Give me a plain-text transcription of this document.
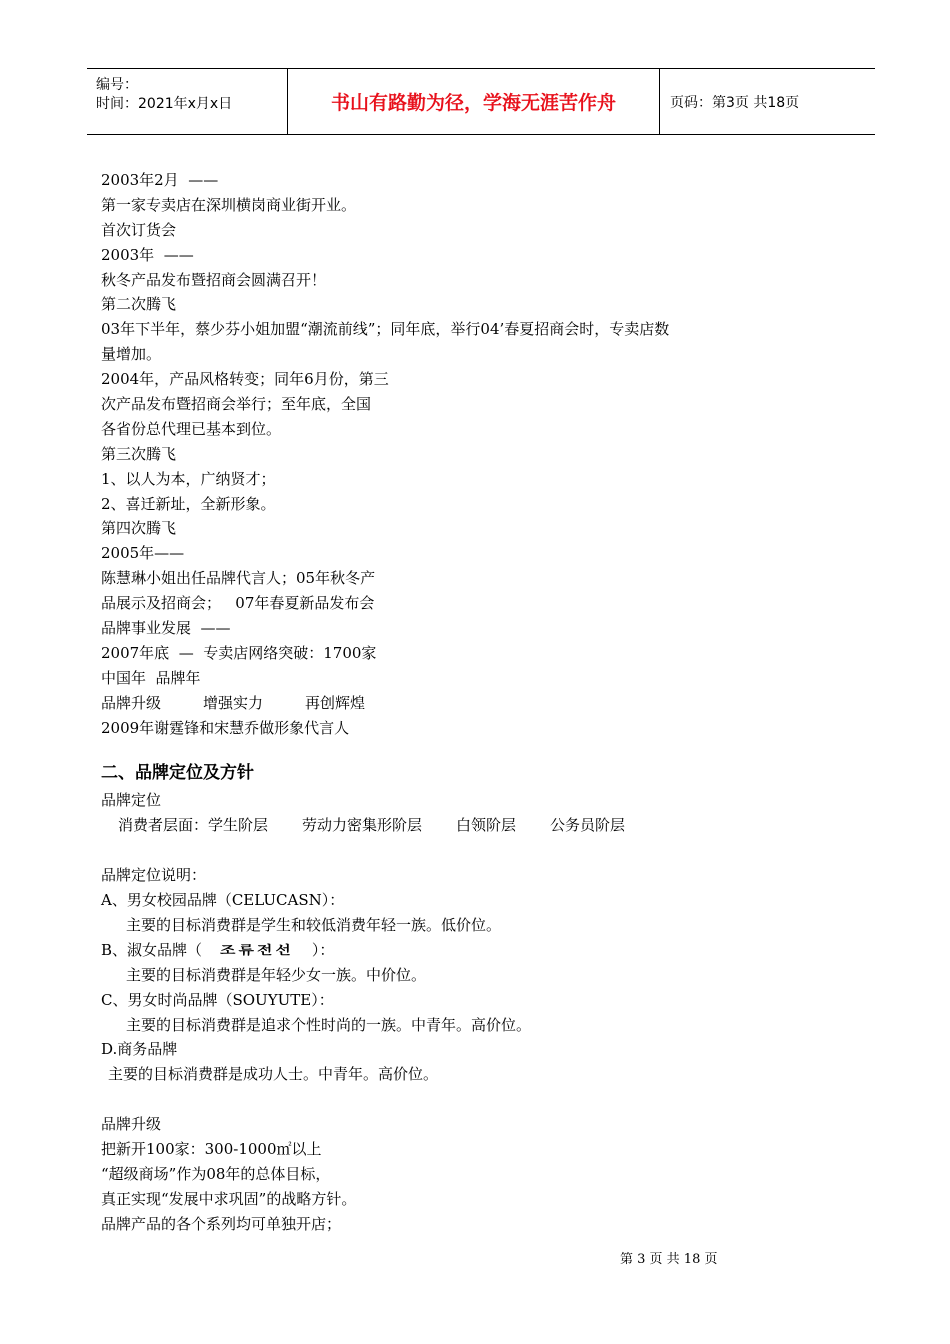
编号：
时间：2021年x月x日	书山有路勤为径，学海无涯苦作舟	页码：第3页 共18页
2003年2月  ——
第一家专卖店在深圳横岗商业街开业。
首次订货会
2003年  ——
秋冬产品发布暨招商会圆满召开！
第二次腾飞
03年下半年，蔡少芬小姐加盟“潮流前线”；同年底，举行04’春夏招商会时，专卖店数
量增加。
2004年，产品风格转变；同年6月份，第三
次产品发布暨招商会举行；至年底，全国
各省份总代理已基本到位。
第三次腾飞
1、以人为本，广纳贤才；
2、喜迁新址，全新形象。
第四次腾飞
2005年——
陈慧琳小姐出任品牌代言人；05年秋冬产
品展示及招商会；   07年春夏新品发布会
品牌事业发展  ——
2007年底  —  专卖店网络突破：1700家
中国年  品牌年
品牌升级	增强实力	再创辉煌
2009年谢霆锋和宋慧乔做形象代言人
二、品牌定位及方针
品牌定位
消费者层面：学生阶层 劳动力密集形阶层 白领阶层 公务员阶层
品牌定位说明：
A、男女校园品牌（CELUCASN）：
主要的目标消费群是学生和较低消费年轻一族。低价位。
B、淑女品牌（ 조류전선 ）：
主要的目标消费群是年轻少女一族。中价位。
C、男女时尚品牌（SOUYUTE）：
主要的目标消费群是追求个性时尚的一族。中青年。高价位。
D.商务品牌
主要的目标消费群是成功人士。中青年。高价位。
品牌升级
把新开100家：300-1000㎡以上
“超级商场”作为08年的总体目标，
真正实现“发展中求巩固”的战略方针。
品牌产品的各个系列均可单独开店；
第 3 页 共 18 页
